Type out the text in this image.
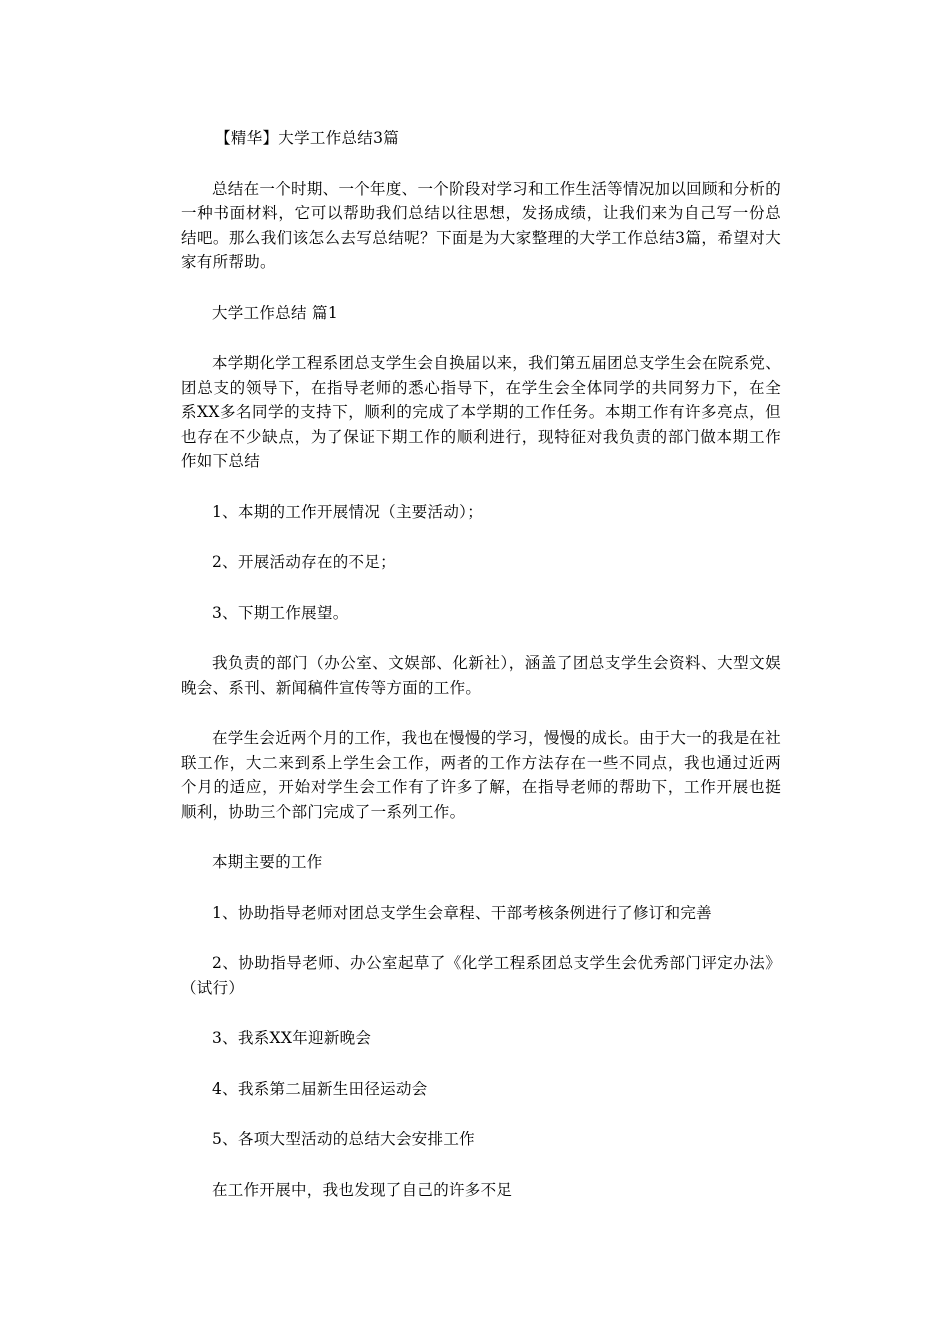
【精华】大学工作总结3篇

总结在一个时期、一个年度、一个阶段对学习和工作生活等情况加以回顾和分析的一种书面材料，它可以帮助我们总结以往思想，发扬成绩，让我们来为自己写一份总结吧。那么我们该怎么去写总结呢？下面是为大家整理的大学工作总结3篇，希望对大家有所帮助。

大学工作总结 篇1

本学期化学工程系团总支学生会自换届以来，我们第五届团总支学生会在院系党、团总支的领导下，在指导老师的悉心指导下，在学生会全体同学的共同努力下，在全系XX多名同学的支持下，顺利的完成了本学期的工作任务。本期工作有许多亮点，但也存在不少缺点，为了保证下期工作的顺利进行，现特征对我负责的部门做本期工作作如下总结

1、本期的工作开展情况（主要活动）；

2、开展活动存在的不足；

3、下期工作展望。

我负责的部门（办公室、文娱部、化新社），涵盖了团总支学生会资料、大型文娱晚会、系刊、新闻稿件宣传等方面的工作。

在学生会近两个月的工作，我也在慢慢的学习，慢慢的成长。由于大一的我是在社联工作，大二来到系上学生会工作，两者的工作方法存在一些不同点，我也通过近两个月的适应，开始对学生会工作有了许多了解，在指导老师的帮助下，工作开展也挺顺利，协助三个部门完成了一系列工作。

本期主要的工作

1、协助指导老师对团总支学生会章程、干部考核条例进行了修订和完善

2、协助指导老师、办公室起草了《化学工程系团总支学生会优秀部门评定办法》（试行）

3、我系XX年迎新晚会

4、我系第二届新生田径运动会

5、各项大型活动的总结大会安排工作

在工作开展中，我也发现了自己的许多不足
